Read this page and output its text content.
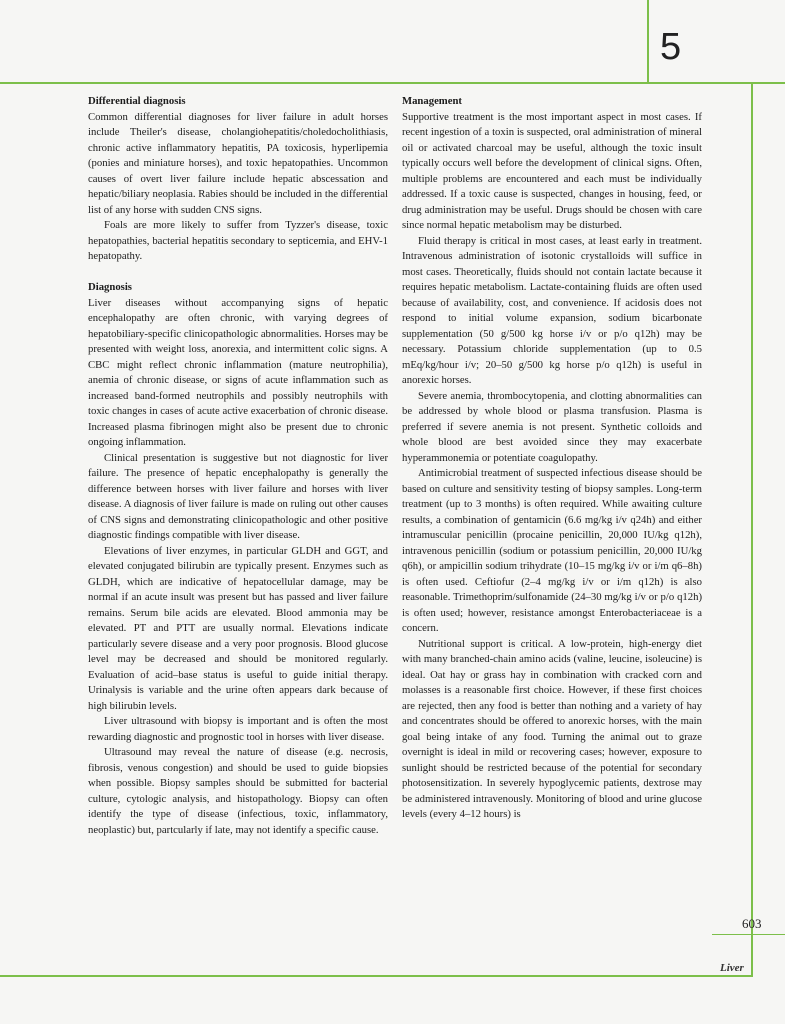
5
603
Liver
Differential diagnosis

Common differential diagnoses for liver failure in adult horses include Theiler's disease, cholangiohepatitis/choledocholithiasis, chronic active inflammatory hepatitis, PA toxicosis, hyperlipemia (ponies and miniature horses), and toxic hepatopathies. Uncommon causes of overt liver failure include hepatic abscessation and hepatic/biliary neoplasia. Rabies should be included in the differential list of any horse with sudden CNS signs.

Foals are more likely to suffer from Tyzzer's disease, toxic hepatopathies, bacterial hepatitis secondary to septicemia, and EHV-1 hepatopathy.

Diagnosis

Liver diseases without accompanying signs of hepatic encephalopathy are often chronic, with varying degrees of hepatobiliary-specific clinicopathologic abnormalities. Horses may be presented with weight loss, anorexia, and intermittent colic signs. A CBC might reflect chronic inflammation (mature neutrophilia), anemia of chronic disease, or signs of acute inflammation such as increased band-formed neutrophils and possibly neutrophils with toxic changes in cases of acute active exacerbation of chronic disease. Increased plasma fibrinogen might also be present due to chronic ongoing inflammation.

Clinical presentation is suggestive but not diagnostic for liver failure. The presence of hepatic encephalopathy is generally the difference between horses with liver failure and horses with liver disease. A diagnosis of liver failure is made on ruling out other causes of CNS signs and demonstrating clinicopathologic and other positive diagnostic findings compatible with liver disease.

Elevations of liver enzymes, in particular GLDH and GGT, and elevated conjugated bilirubin are typically present. Enzymes such as GLDH, which are indicative of hepatocellular damage, may be normal if an acute insult was present but has passed and liver failure remains. Serum bile acids are elevated. Blood ammonia may be elevated. PT and PTT are usually normal. Elevations indicate particularly severe disease and a very poor prognosis. Blood glucose level may be decreased and should be monitored regularly. Evaluation of acid–base status is useful to guide initial therapy. Urinalysis is variable and the urine often appears dark because of high bilirubin levels.

Liver ultrasound with biopsy is important and is often the most rewarding diagnostic and prognostic tool in horses with liver disease.

Ultrasound may reveal the nature of disease (e.g. necrosis, fibrosis, venous congestion) and should be used to guide biopsies when possible. Biopsy samples should be submitted for bacterial culture, cytologic analysis, and histopathology. Biopsy can often identify the type of disease (infectious, toxic, inflammatory, neoplastic) but, partcularly if late, may not identify a specific cause.

Management

Supportive treatment is the most important aspect in most cases. If recent ingestion of a toxin is suspected, oral administration of mineral oil or activated charcoal may be useful, although the toxic insult typically occurs well before the development of clinical signs. Often, multiple problems are encountered and each must be individually addressed. If a toxic cause is suspected, changes in housing, feed, or drug administration may be useful. Drugs should be chosen with care since normal hepatic metabolism may be disturbed.

Fluid therapy is critical in most cases, at least early in treatment. Intravenous administration of isotonic crystalloids will suffice in most cases. Theoretically, fluids should not contain lactate because it requires hepatic metabolism. Lactate-containing fluids are often used because of availability, cost, and convenience. If acidosis does not respond to initial volume expansion, sodium bicarbonate supplementation (50 g/500 kg horse i/v or p/o q12h) may be necessary. Potassium chloride supplementation (up to 0.5 mEq/kg/hour i/v; 20–50 g/500 kg horse p/o q12h) is useful in anorexic horses.

Severe anemia, thrombocytopenia, and clotting abnormalities can be addressed by whole blood or plasma transfusion. Plasma is preferred if severe anemia is not present. Synthetic colloids and whole blood are best avoided since they may exacerbate hyperammonemia or potentiate coagulopathy.

Antimicrobial treatment of suspected infectious disease should be based on culture and sensitivity testing of biopsy samples. Long-term treatment (up to 3 months) is often required. While awaiting culture results, a combination of gentamicin (6.6 mg/kg i/v q24h) and either intramuscular penicillin (procaine penicillin, 20,000 IU/kg q12h), intravenous penicillin (sodium or potassium penicillin, 20,000 IU/kg q6h), or ampicillin sodium trihydrate (10–15 mg/kg i/v or i/m q6–8h) is often used. Ceftiofur (2–4 mg/kg i/v or i/m q12h) is also reasonable. Trimethoprim/sulfonamide (24–30 mg/kg i/v or p/o q12h) is often used; however, resistance amongst Enterobacteriaceae is a concern.

Nutritional support is critical. A low-protein, high-energy diet with many branched-chain amino acids (valine, leucine, isoleucine) is ideal. Oat hay or grass hay in combination with cracked corn and molasses is a reasonable first choice. However, if these first choices are rejected, then any food is better than nothing and a variety of hay and concentrates should be offered to anorexic horses, with the main goal being intake of any food. Turning the animal out to graze overnight is ideal in mild or recovering cases; however, exposure to sunlight should be restricted because of the potential for secondary photosensitization. In severely hypoglycemic patients, dextrose may be administered intravenously. Monitoring of blood and urine glucose levels (every 4–12 hours) is
